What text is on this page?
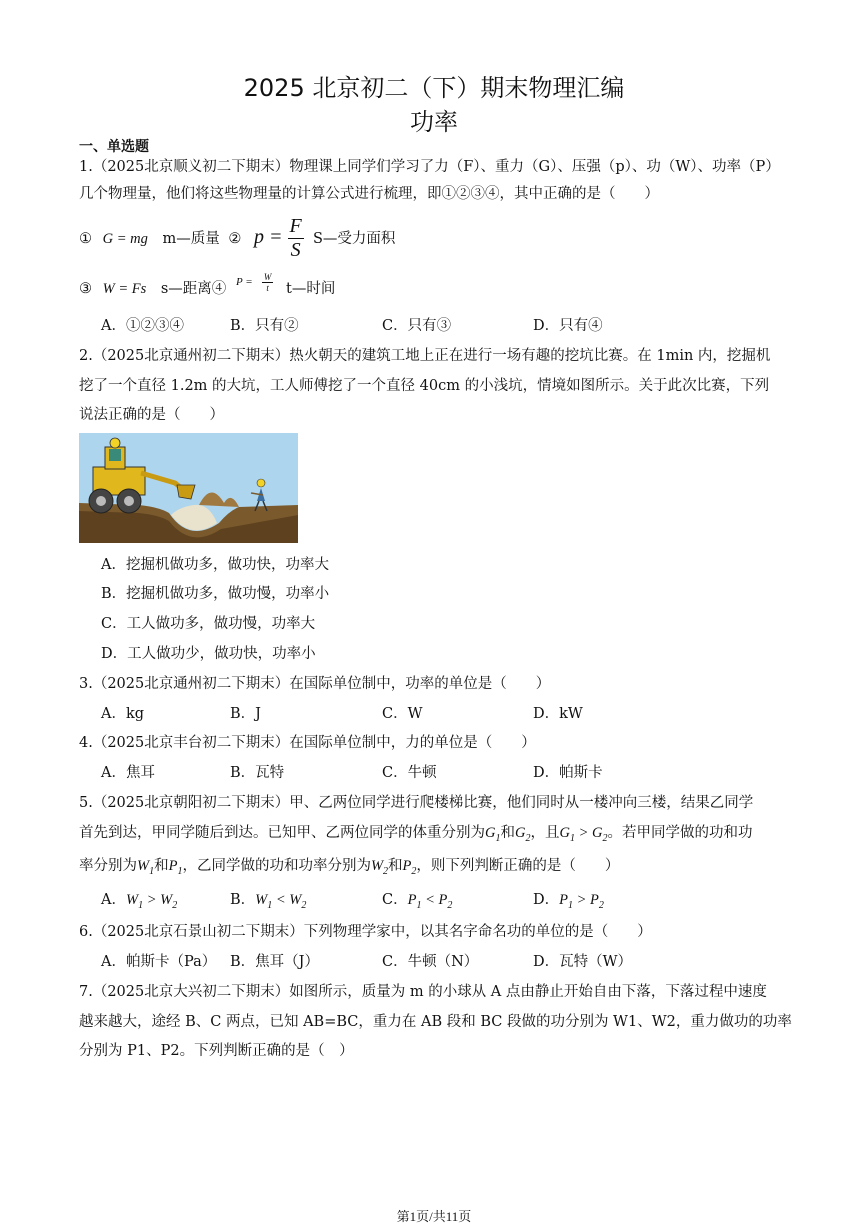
2025 北京初二（下）期末物理汇编
功率
一、单选题
1.（2025北京顺义初二下期末）物理课上同学们学习了力（F）、重力（G）、压强（p）、功（W）、功率（P）
几个物理量，他们将这些物理量的计算公式进行梳理，即①②③④，其中正确的是（　　）
① G = mg m—质量 ② $p = \frac{F}{S}$ S—受力面积
③ W = Fs s—距离④ $P = \frac{W}{t}$ t—时间
A．①②③④	B．只有②	C．只有③	D．只有④
2.（2025北京通州初二下期末）热火朝天的建筑工地上正在进行一场有趣的挖坑比赛。在 1min 内，挖掘机
挖了一个直径 1.2m 的大坑，工人师傅挖了一个直径 40cm 的小浅坑，情境如图所示。关于此次比赛，下列
说法正确的是（　　）
A．挖掘机做功多，做功快，功率大
B．挖掘机做功多，做功慢，功率小
C．工人做功多，做功慢，功率大
D．工人做功少，做功快，功率小
3.（2025北京通州初二下期末）在国际单位制中，功率的单位是（　　）
A．kg	B．J	C．W	D．kW
4.（2025北京丰台初二下期末）在国际单位制中，力的单位是（　　）
A．焦耳	B．瓦特	C．牛顿	D．帕斯卡
5.（2025北京朝阳初二下期末）甲、乙两位同学进行爬楼梯比赛，他们同时从一楼冲向三楼，结果乙同学
首先到达，甲同学随后到达。已知甲、乙两位同学的体重分别为$G_1$和$G_2$，且$G_1 > G_2$。若甲同学做的功和功
率分别为$W_1$和$P_1$，乙同学做的功和功率分别为$W_2$和$P_2$，则下列判断正确的是（　　）
A．$W_1 > W_2$	B．$W_1 < W_2$	C．$P_1 < P_2$	D．$P_1 > P_2$
6.（2025北京石景山初二下期末）下列物理学家中，以其名字命名功的单位的是（　　）
A．帕斯卡（Pa） B．焦耳（J）	C．牛顿（N）	D．瓦特（W）
7.（2025北京大兴初二下期末）如图所示，质量为 m 的小球从 A 点由静止开始自由下落，下落过程中速度
越来越大，途经 B、C 两点，已知 AB=BC，重力在 AB 段和 BC 段做的功分别为 W1、W2，重力做功的功率
分别为 P1、P2。下列判断正确的是（　）
第1页/共11页
